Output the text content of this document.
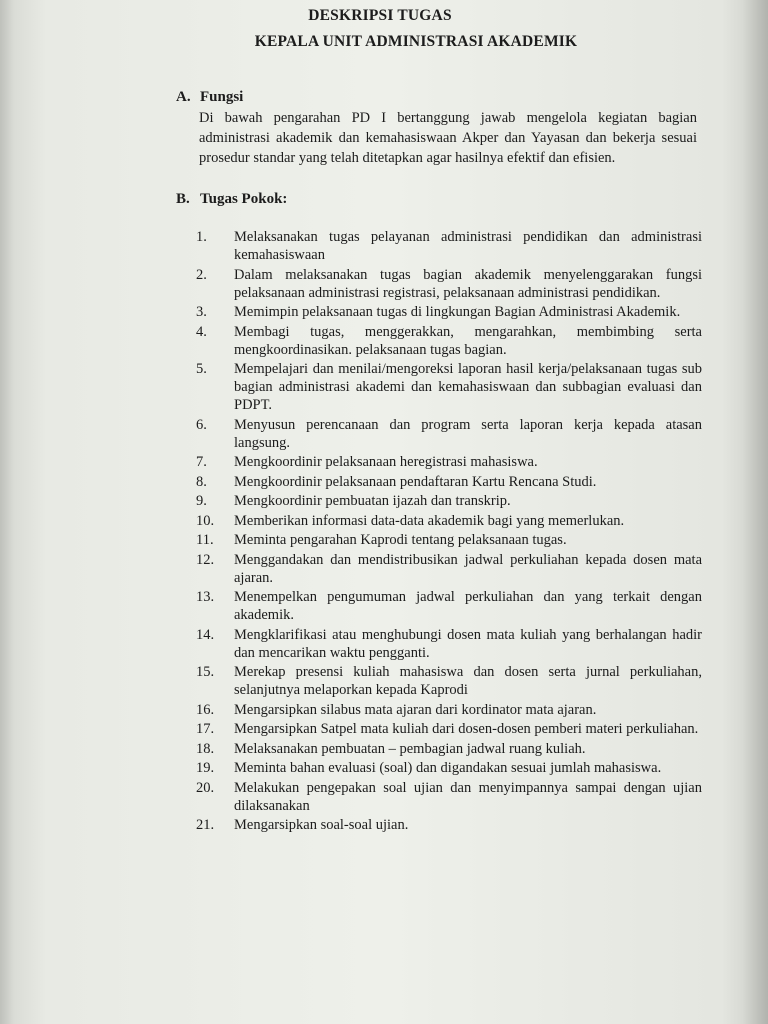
DESKRIPSI TUGAS
KEPALA UNIT ADMINISTRASI AKADEMIK
A. Fungsi
Di bawah pengarahan PD I bertanggung jawab mengelola kegiatan bagian administrasi akademik dan kemahasiswaan Akper dan Yayasan dan bekerja sesuai prosedur standar yang telah ditetapkan agar hasilnya efektif dan efisien.
B. Tugas Pokok:
1.	Melaksanakan tugas pelayanan administrasi pendidikan dan administrasi kemahasiswaan
2.	Dalam melaksanakan tugas bagian akademik menyelenggarakan fungsi pelaksanaan administrasi registrasi, pelaksanaan administrasi pendidikan.
3.	Memimpin pelaksanaan tugas di lingkungan Bagian Administrasi Akademik.
4.	Membagi tugas, menggerakkan, mengarahkan, membimbing serta mengkoordinasikan. pelaksanaan tugas bagian.
5.	Mempelajari dan menilai/mengoreksi laporan hasil kerja/pelaksanaan tugas sub bagian administrasi akademi dan kemahasiswaan dan subbagian evaluasi dan PDPT.
6.	Menyusun perencanaan dan program serta laporan kerja kepada atasan langsung.
7.	Mengkoordinir pelaksanaan heregistrasi mahasiswa.
8.	Mengkoordinir pelaksanaan pendaftaran Kartu Rencana Studi.
9.	Mengkoordinir pembuatan ijazah dan transkrip.
10.	Memberikan informasi data-data akademik bagi yang memerlukan.
11.	Meminta pengarahan Kaprodi tentang pelaksanaan tugas.
12.	Menggandakan dan mendistribusikan jadwal perkuliahan kepada dosen mata ajaran.
13.	Menempelkan pengumuman jadwal perkuliahan dan yang terkait dengan akademik.
14.	Mengklarifikasi atau menghubungi dosen mata kuliah yang berhalangan hadir dan mencarikan waktu pengganti.
15.	Merekap presensi kuliah mahasiswa dan dosen serta jurnal perkuliahan, selanjutnya melaporkan kepada Kaprodi
16.	Mengarsipkan silabus mata ajaran dari kordinator mata ajaran.
17.	Mengarsipkan Satpel mata kuliah dari dosen-dosen pemberi materi perkuliahan.
18.	Melaksanakan pembuatan – pembagian jadwal ruang kuliah.
19.	Meminta bahan evaluasi (soal) dan digandakan sesuai jumlah mahasiswa.
20.	Melakukan pengepakan soal ujian dan menyimpannya sampai dengan ujian dilaksanakan
21.	Mengarsipkan soal-soal ujian.
